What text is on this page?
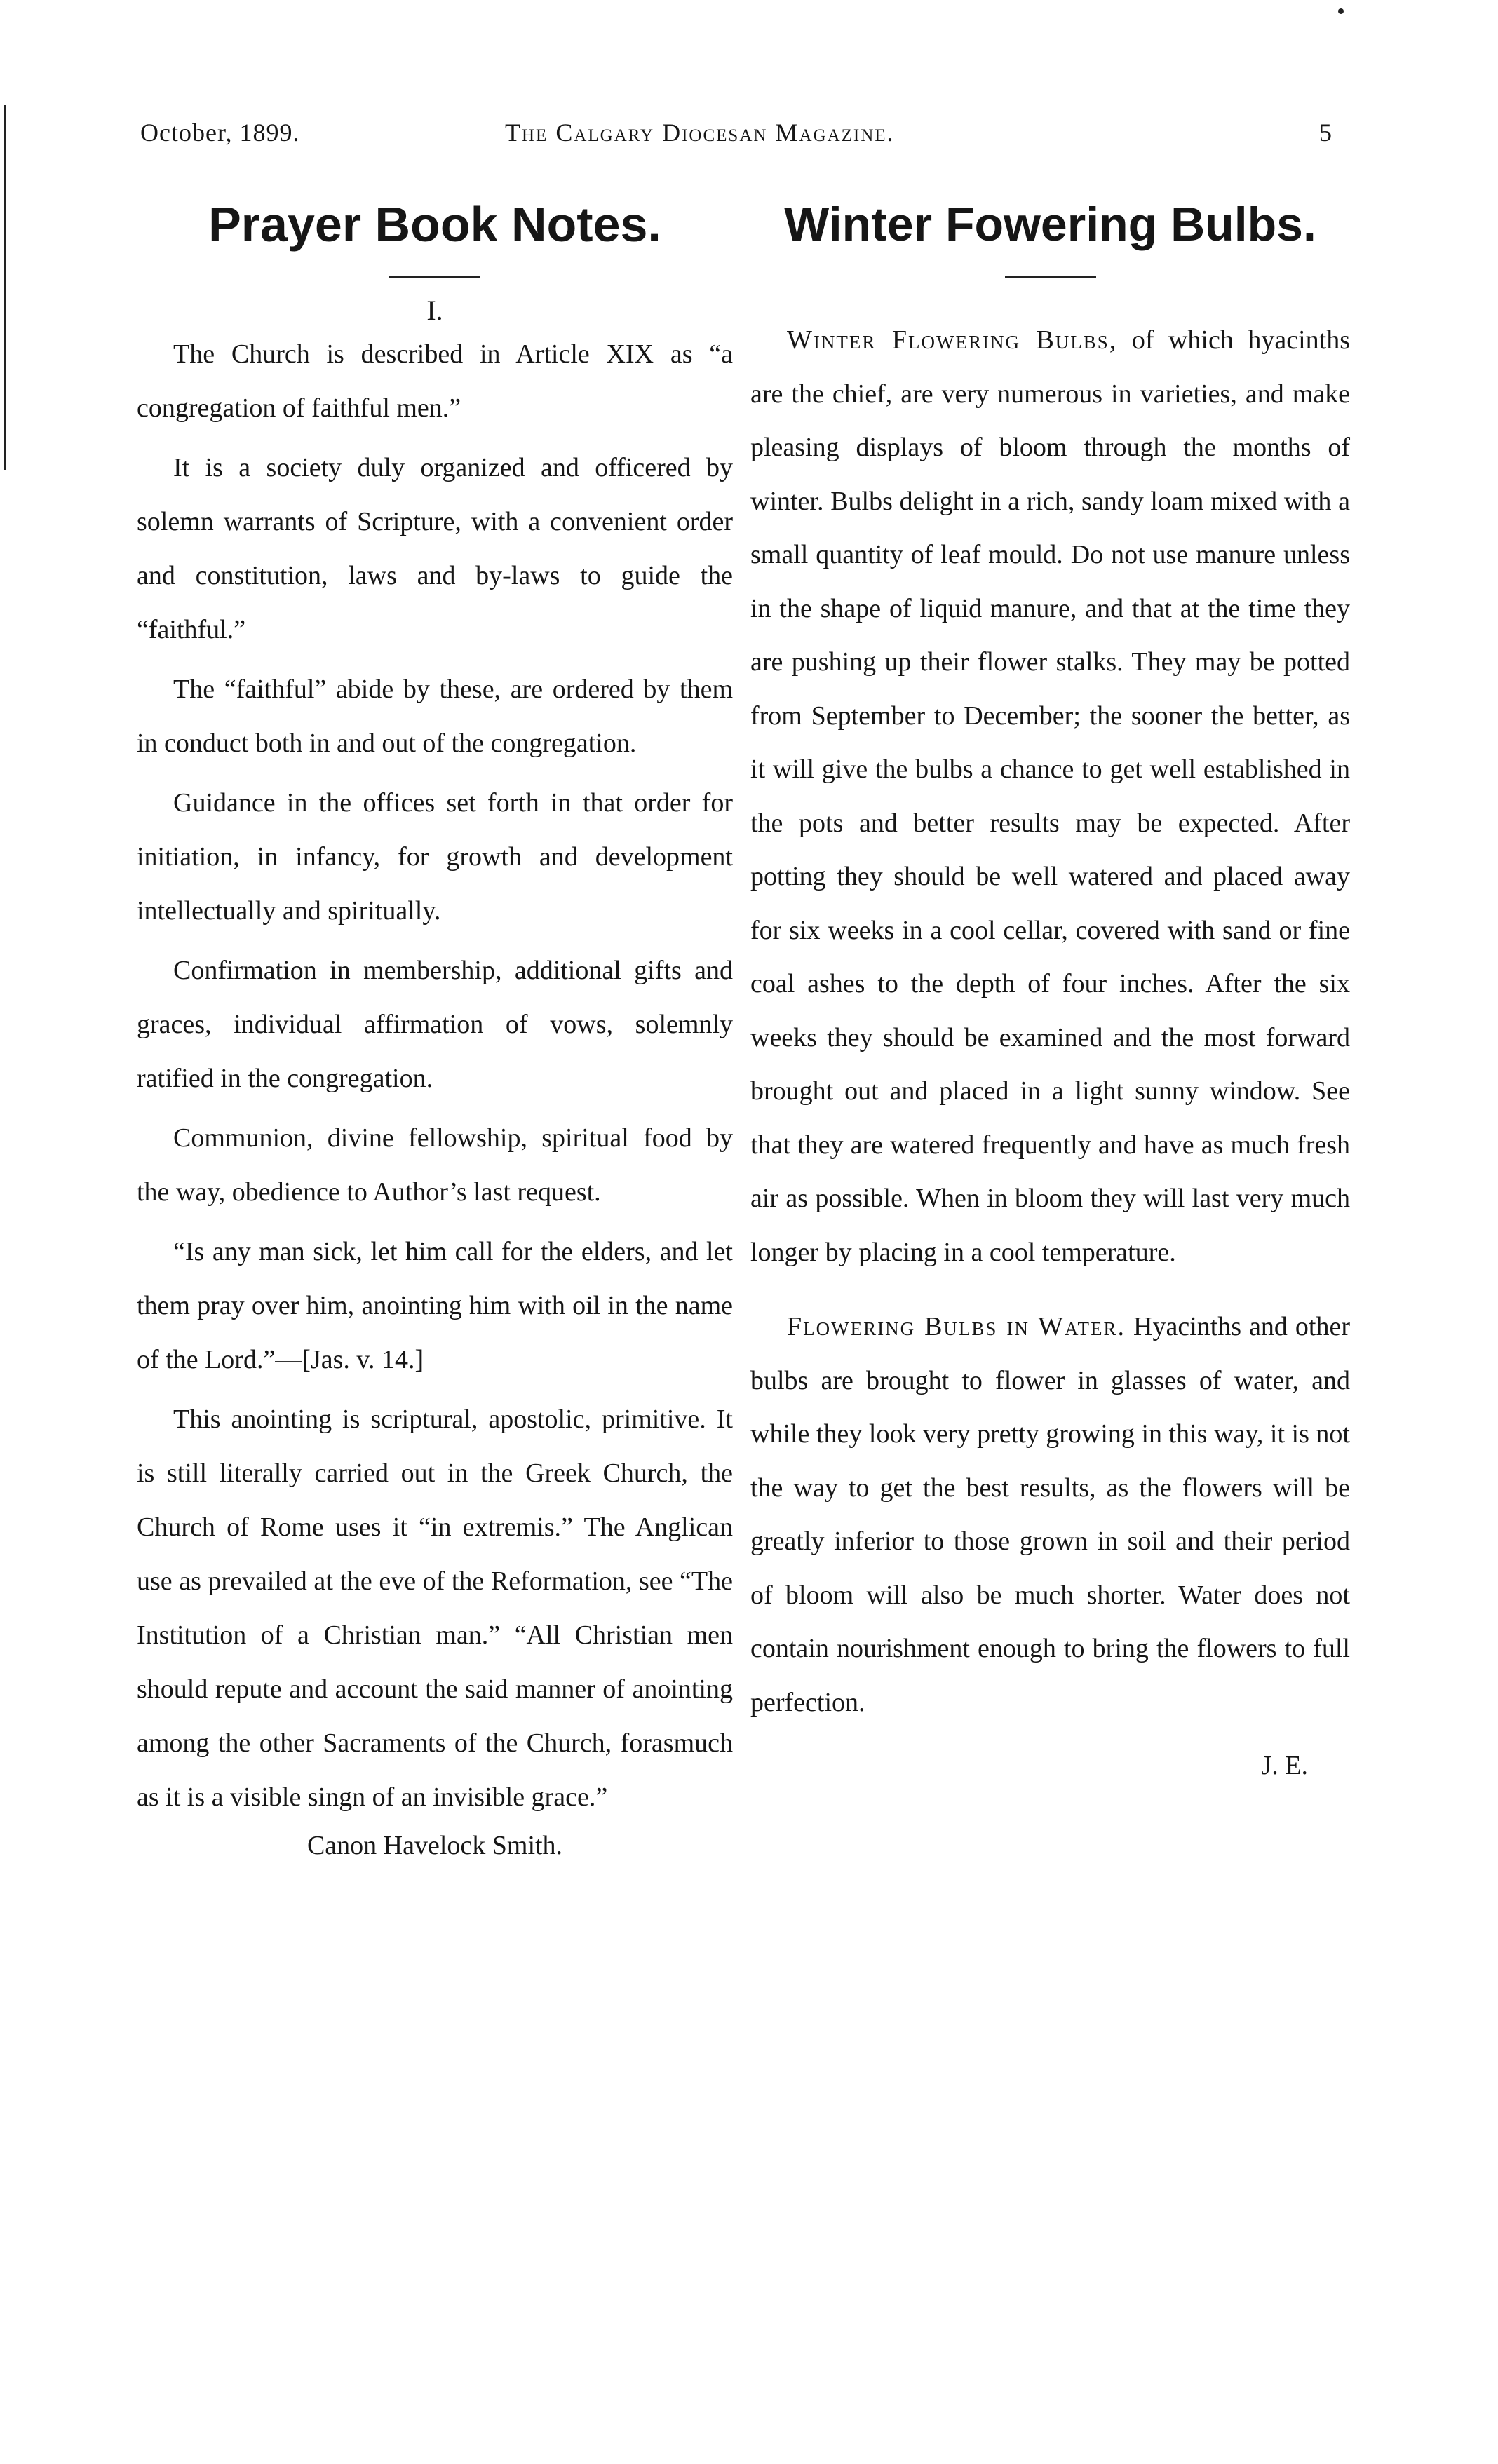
October, 1899.	The Calgary Diocesan Magazine.	5
Prayer Book Notes.
I.

The Church is described in Article XIX as “a congregation of faithful men.”

It is a society duly organized and officered by solemn warrants of Scripture, with a convenient order and constitution, laws and by-laws to guide the “faithful.”

The “faithful” abide by these, are ordered by them in conduct both in and out of the congregation.

Guidance in the offices set forth in that order for initiation, in infancy, for growth and development intellectually and spiritually.

Confirmation in membership, additional gifts and graces, individual affirmation of vows, solemnly ratified in the congregation.

Communion, divine fellowship, spiritual food by the way, obedience to Author’s last request.

“Is any man sick, let him call for the elders, and let them pray over him, anointing him with oil in the name of the Lord.”—[Jas. v. 14.]

This anointing is scriptural, apostolic, primitive. It is still literally carried out in the Greek Church, the Church of Rome uses it “in extremis.” The Anglican use as prevailed at the eve of the Reformation, see “The Institution of a Christian man.” “All Christian men should repute and account the said manner of anointing among the other Sacraments of the Church, forasmuch as it is a visible singn of an invisible grace.”

Canon Havelock Smith.
Winter Fowering Bulbs.

Winter Flowering Bulbs, of which hyacinths are the chief, are very numerous in varieties, and make pleasing displays of bloom through the months of winter. Bulbs delight in a rich, sandy loam mixed with a small quantity of leaf mould. Do not use manure unless in the shape of liquid manure, and that at the time they are pushing up their flower stalks. They may be potted from September to December; the sooner the better, as it will give the bulbs a chance to get well established in the pots and better results may be expected. After potting they should be well watered and placed away for six weeks in a cool cellar, covered with sand or fine coal ashes to the depth of four inches. After the six weeks they should be examined and the most forward brought out and placed in a light sunny window. See that they are watered frequently and have as much fresh air as possible. When in bloom they will last very much longer by placing in a cool temperature.

Flowering Bulbs in Water. Hyacinths and other bulbs are brought to flower in glasses of water, and while they look very pretty growing in this way, it is not the way to get the best results, as the flowers will be greatly inferior to those grown in soil and their period of bloom will also be much shorter. Water does not contain nourishment enough to bring the flowers to full perfection.

J. E.
